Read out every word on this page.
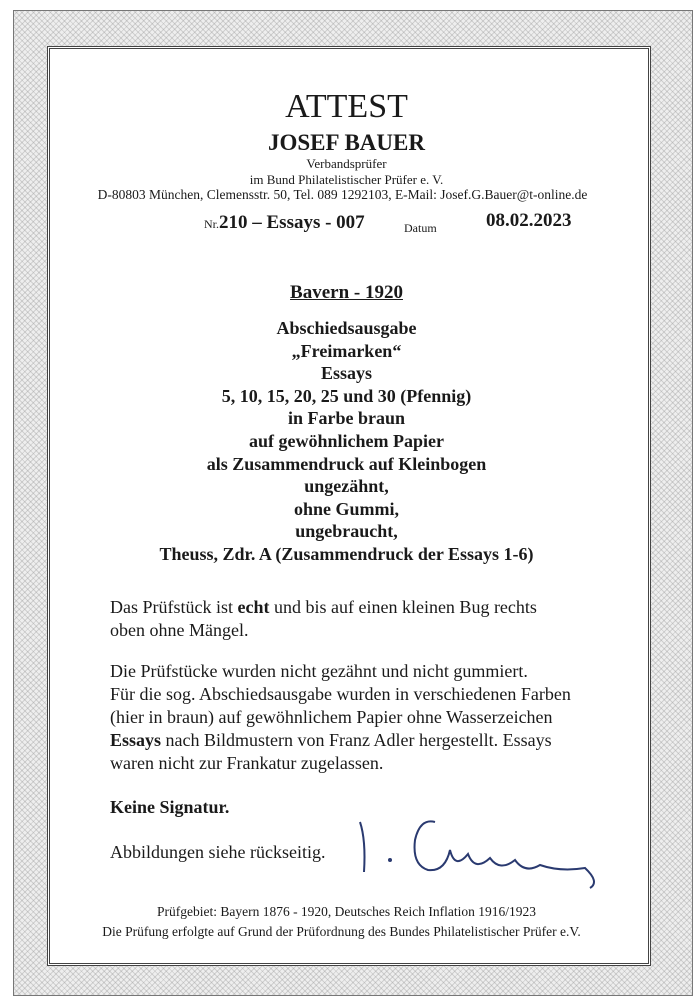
ATTEST
JOSEF BAUER
Verbandsprüfer
im Bund Philatelistischer Prüfer e. V.
D-80803 München, Clemensstr. 50, Tel. 089 1292103, E-Mail: Josef.G.Bauer@t-online.de
Nr.210 – Essays - 007	Datum	08.02.2023
Bavern - 1920
Abschiedsausgabe
„Freimarken“
Essays
5, 10, 15, 20, 25 und 30 (Pfennig)
in Farbe braun
auf gewöhnlichem Papier
als Zusammendruck auf Kleinbogen
ungezähnt,
ohne Gummi,
ungebraucht,
Theuss, Zdr. A (Zusammendruck der Essays 1-6)
Das Prüfstück ist echt und bis auf einen kleinen Bug rechts
oben ohne Mängel.
Die Prüfstücke wurden nicht gezähnt und nicht gummiert.
Für die sog. Abschiedsausgabe wurden in verschiedenen Farben
(hier in braun) auf gewöhnlichem Papier ohne Wasserzeichen
Essays nach Bildmustern von Franz Adler hergestellt. Essays
waren nicht zur Frankatur zugelassen.
Keine Signatur.
Abbildungen siehe rückseitig.
Prüfgebiet: Bayern 1876 - 1920, Deutsches Reich Inflation 1916/1923
Die Prüfung erfolgte auf Grund der Prüfordnung des Bundes Philatelistischer Prüfer e.V.
